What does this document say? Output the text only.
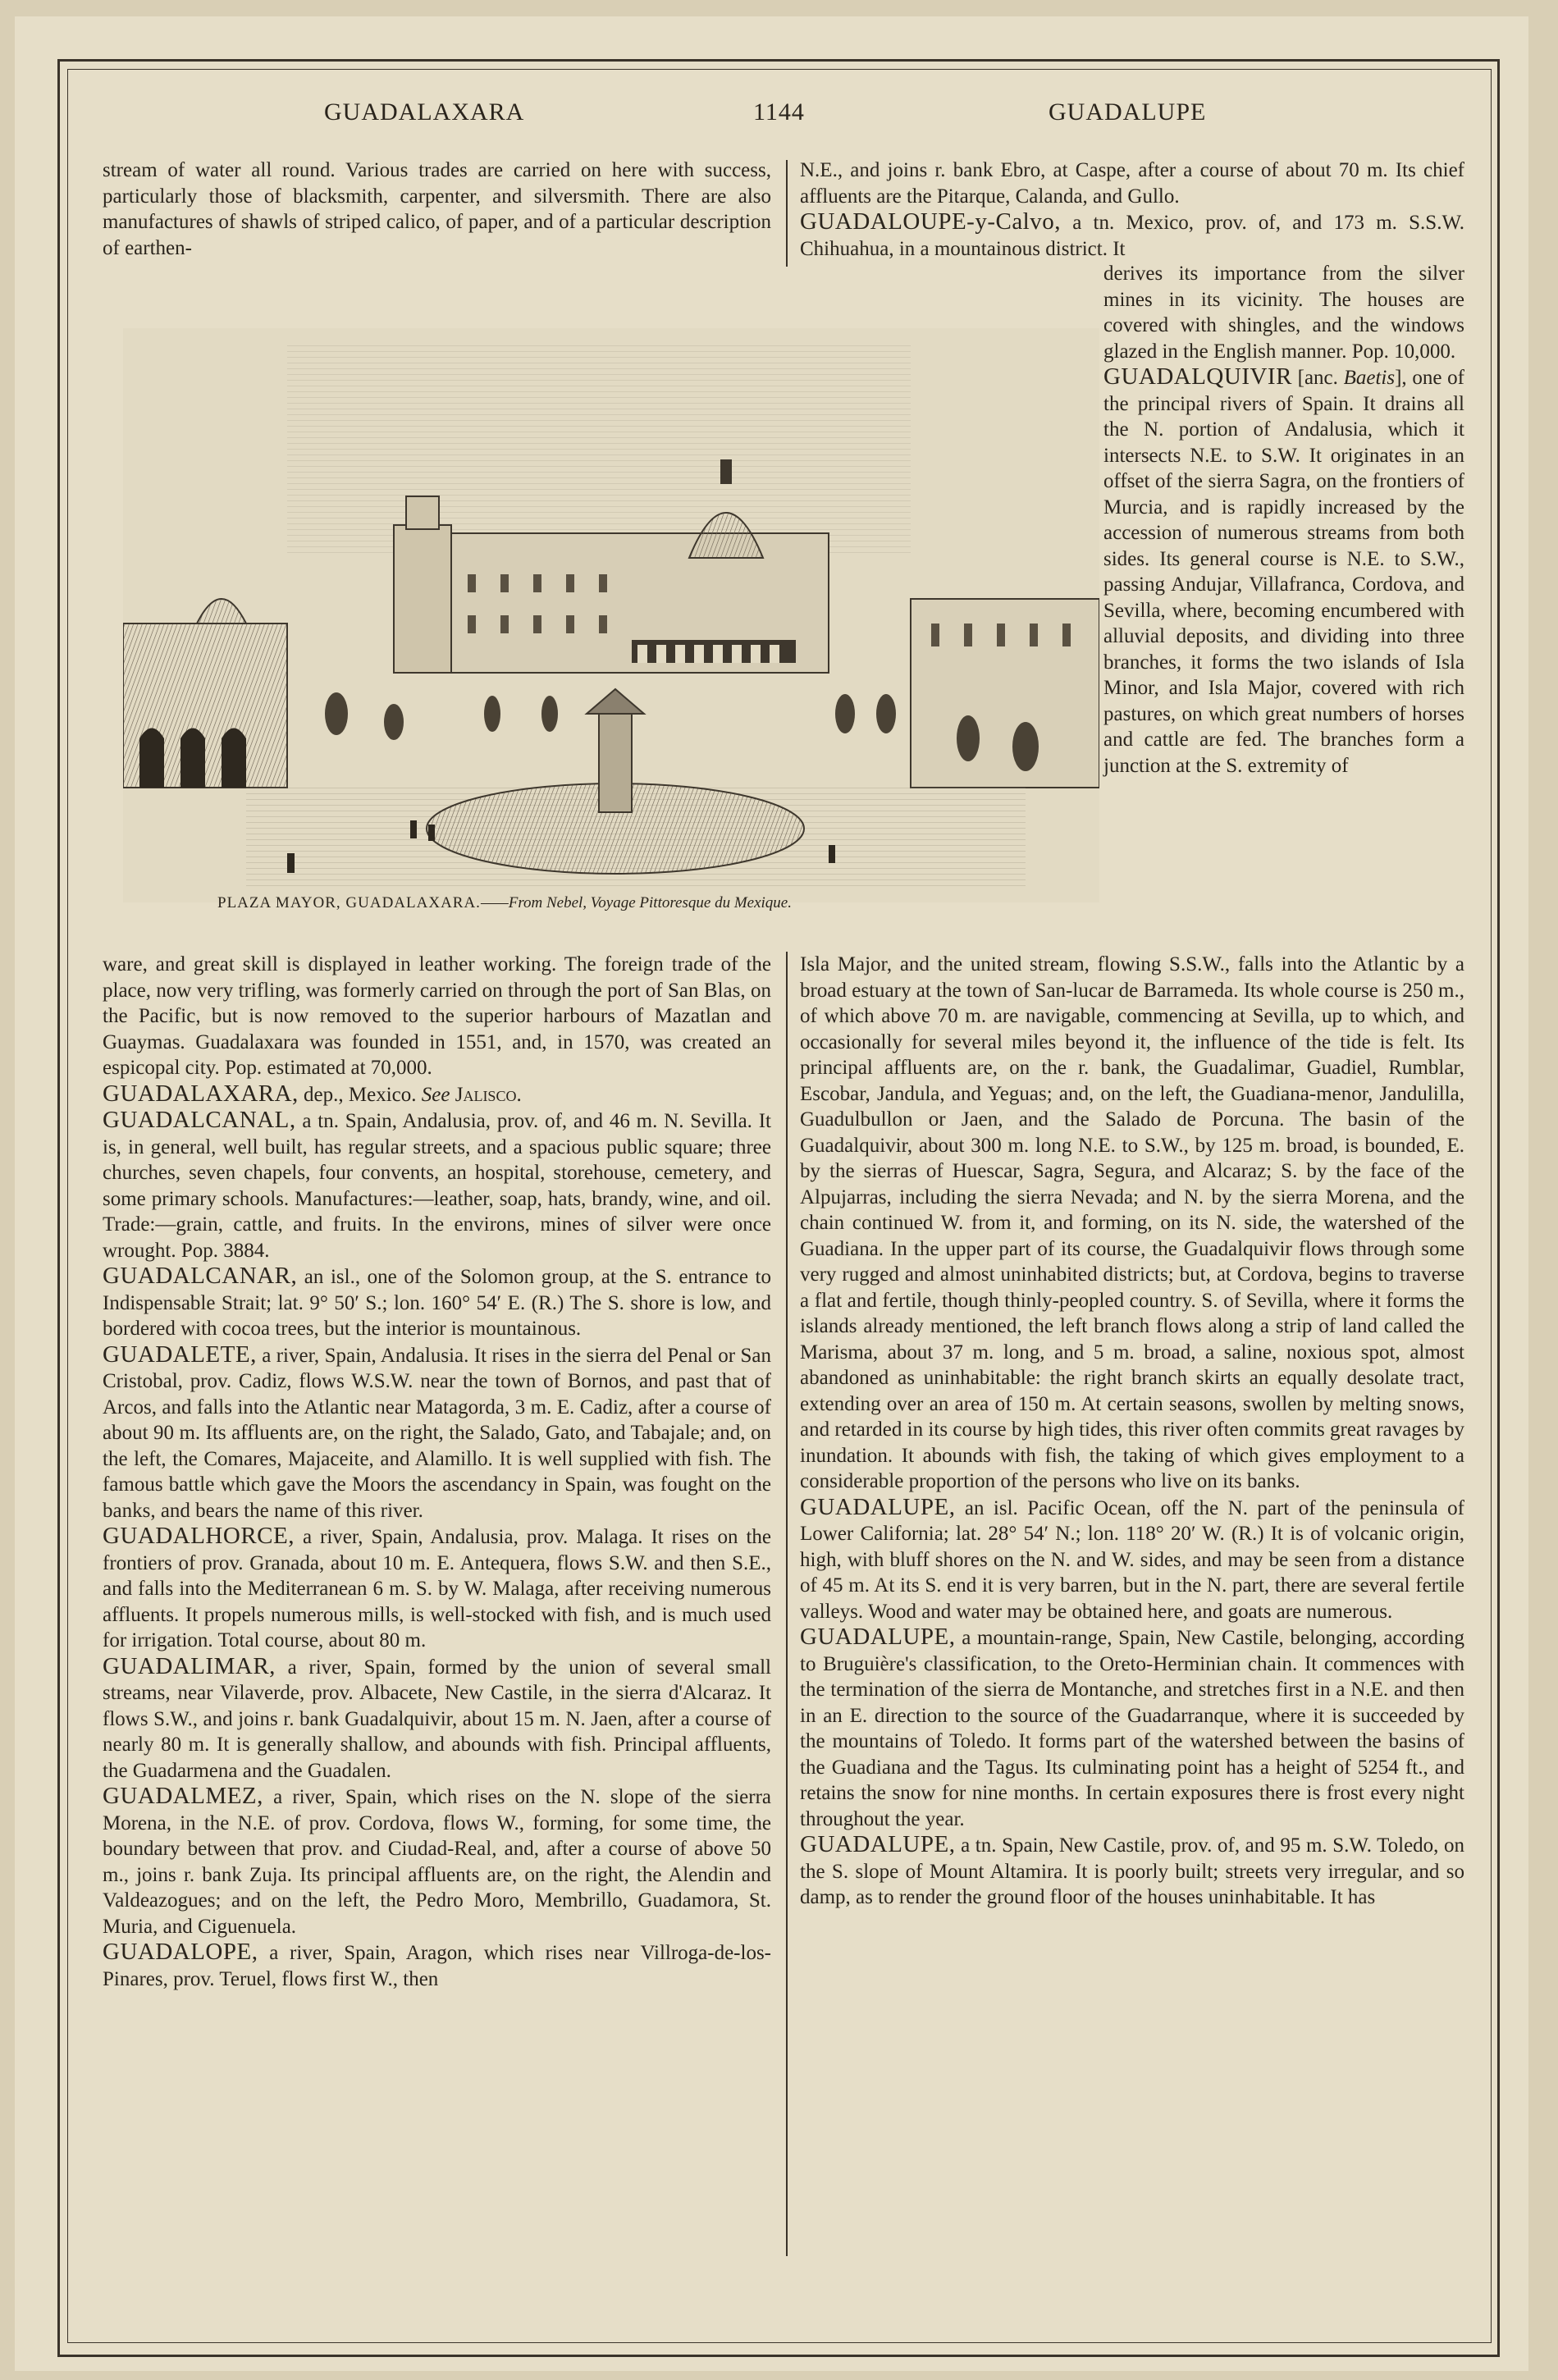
GUADALAXARA	1144	GUADALUPE

stream of water all round. Various trades are carried on here with success, particularly those of blacksmith, carpenter, and silversmith. There are also manufactures of shawls of striped calico, of paper, and of a particular description of earthen-

N.E., and joins r. bank Ebro, at Caspe, after a course of about 70 m. Its chief affluents are the Pitarque, Calanda, and Gullo.

GUADALOUPE-y-Calvo, a tn. Mexico, prov. of, and 173 m. S.S.W. Chihuahua, in a mountainous district. It

PLAZA MAYOR, GUADALAXARA.——From Nebel, Voyage Pittoresque du Mexique.

derives its importance from the silver mines in its vicinity. The houses are covered with shingles, and the windows glazed in the English manner. Pop. 10,000.

GUADALQUIVIR [anc. Baetis], one of the principal rivers of Spain. It drains all the N. portion of Andalusia, which it intersects N.E. to S.W. It originates in an offset of the sierra Sagra, on the frontiers of Murcia, and is rapidly increased by the accession of numerous streams from both sides. Its general course is N.E. to S.W., passing Andujar, Villafranca, Cordova, and Sevilla, where, becoming encumbered with alluvial deposits, and dividing into three branches, it forms the two islands of Isla Minor, and Isla Major, covered with rich pastures, on which great numbers of horses and cattle are fed. The branches form a junction at the S. extremity of

ware, and great skill is displayed in leather working. The foreign trade of the place, now very trifling, was formerly carried on through the port of San Blas, on the Pacific, but is now removed to the superior harbours of Mazatlan and Guaymas. Guadalaxara was founded in 1551, and, in 1570, was created an espicopal city. Pop. estimated at 70,000.

GUADALAXARA, dep., Mexico. See Jalisco.

GUADALCANAL, a tn. Spain, Andalusia, prov. of, and 46 m. N. Sevilla. It is, in general, well built, has regular streets, and a spacious public square; three churches, seven chapels, four convents, an hospital, storehouse, cemetery, and some primary schools. Manufactures:—leather, soap, hats, brandy, wine, and oil. Trade:—grain, cattle, and fruits. In the environs, mines of silver were once wrought. Pop. 3884.

GUADALCANAR, an isl., one of the Solomon group, at the S. entrance to Indispensable Strait; lat. 9° 50′ S.; lon. 160° 54′ E. (R.) The S. shore is low, and bordered with cocoa trees, but the interior is mountainous.

GUADALETE, a river, Spain, Andalusia. It rises in the sierra del Penal or San Cristobal, prov. Cadiz, flows W.S.W. near the town of Bornos, and past that of Arcos, and falls into the Atlantic near Matagorda, 3 m. E. Cadiz, after a course of about 90 m. Its affluents are, on the right, the Salado, Gato, and Tabajale; and, on the left, the Comares, Majaceite, and Alamillo. It is well supplied with fish. The famous battle which gave the Moors the ascendancy in Spain, was fought on the banks, and bears the name of this river.

GUADALHORCE, a river, Spain, Andalusia, prov. Malaga. It rises on the frontiers of prov. Granada, about 10 m. E. Antequera, flows S.W. and then S.E., and falls into the Mediterranean 6 m. S. by W. Malaga, after receiving numerous affluents. It propels numerous mills, is well-stocked with fish, and is much used for irrigation. Total course, about 80 m.

GUADALIMAR, a river, Spain, formed by the union of several small streams, near Vilaverde, prov. Albacete, New Castile, in the sierra d'Alcaraz. It flows S.W., and joins r. bank Guadalquivir, about 15 m. N. Jaen, after a course of nearly 80 m. It is generally shallow, and abounds with fish. Principal affluents, the Guadarmena and the Guadalen.

GUADALMEZ, a river, Spain, which rises on the N. slope of the sierra Morena, in the N.E. of prov. Cordova, flows W., forming, for some time, the boundary between that prov. and Ciudad-Real, and, after a course of above 50 m., joins r. bank Zuja. Its principal affluents are, on the right, the Alendin and Valdeazogues; and on the left, the Pedro Moro, Membrillo, Guadamora, St. Muria, and Ciguenuela.

GUADALOPE, a river, Spain, Aragon, which rises near Villroga-de-los-Pinares, prov. Teruel, flows first W., then

Isla Major, and the united stream, flowing S.S.W., falls into the Atlantic by a broad estuary at the town of San-lucar de Barrameda. Its whole course is 250 m., of which above 70 m. are navigable, commencing at Sevilla, up to which, and occasionally for several miles beyond it, the influence of the tide is felt. Its principal affluents are, on the r. bank, the Guadalimar, Guadiel, Rumblar, Escobar, Jandula, and Yeguas; and, on the left, the Guadiana-menor, Jandulilla, Guadulbullon or Jaen, and the Salado de Porcuna. The basin of the Guadalquivir, about 300 m. long N.E. to S.W., by 125 m. broad, is bounded, E. by the sierras of Huescar, Sagra, Segura, and Alcaraz; S. by the face of the Alpujarras, including the sierra Nevada; and N. by the sierra Morena, and the chain continued W. from it, and forming, on its N. side, the watershed of the Guadiana. In the upper part of its course, the Guadalquivir flows through some very rugged and almost uninhabited districts; but, at Cordova, begins to traverse a flat and fertile, though thinly-peopled country. S. of Sevilla, where it forms the islands already mentioned, the left branch flows along a strip of land called the Marisma, about 37 m. long, and 5 m. broad, a saline, noxious spot, almost abandoned as uninhabitable: the right branch skirts an equally desolate tract, extending over an area of 150 m. At certain seasons, swollen by melting snows, and retarded in its course by high tides, this river often commits great ravages by inundation. It abounds with fish, the taking of which gives employment to a considerable proportion of the persons who live on its banks.

GUADALUPE, an isl. Pacific Ocean, off the N. part of the peninsula of Lower California; lat. 28° 54′ N.; lon. 118° 20′ W. (R.) It is of volcanic origin, high, with bluff shores on the N. and W. sides, and may be seen from a distance of 45 m. At its S. end it is very barren, but in the N. part, there are several fertile valleys. Wood and water may be obtained here, and goats are numerous.

GUADALUPE, a mountain-range, Spain, New Castile, belonging, according to Bruguière's classification, to the Oreto-Herminian chain. It commences with the termination of the sierra de Montanche, and stretches first in a N.E. and then in an E. direction to the source of the Guadarranque, where it is succeeded by the mountains of Toledo. It forms part of the watershed between the basins of the Guadiana and the Tagus. Its culminating point has a height of 5254 ft., and retains the snow for nine months. In certain exposures there is frost every night throughout the year.

GUADALUPE, a tn. Spain, New Castile, prov. of, and 95 m. S.W. Toledo, on the S. slope of Mount Altamira. It is poorly built; streets very irregular, and so damp, as to render the ground floor of the houses uninhabitable. It has
